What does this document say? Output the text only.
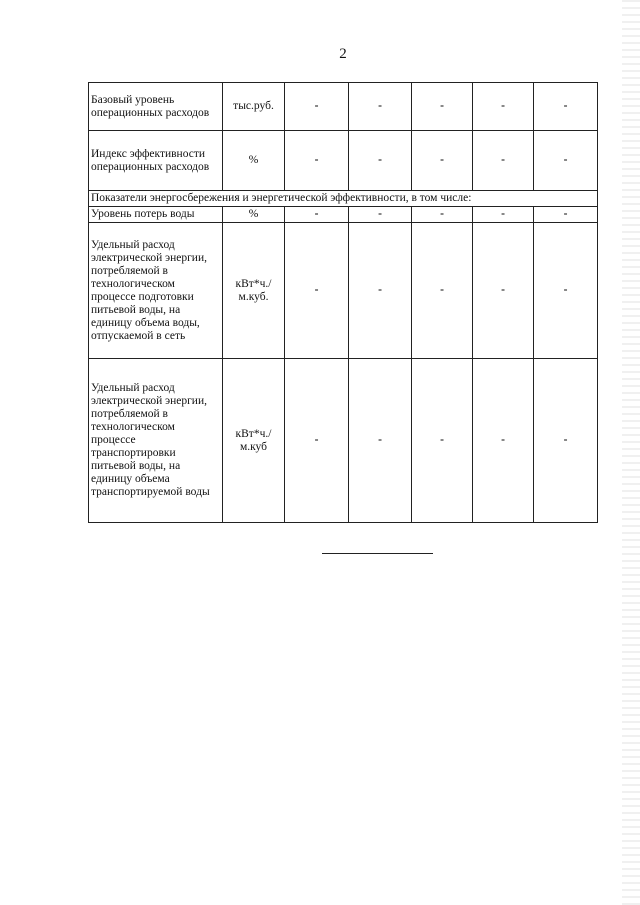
2
Базовый уровень операционных расходов	тыс.руб.	-	-	-	-	-
Индекс эффективности операционных расходов	%	-	-	-	-	-
Показатели энергосбережения и энергетической эффективности, в том числе:						
Уровень потерь воды	%	-	-	-	-	-
Удельный расход электрической энергии, потребляемой в технологическом процессе подготовки питьевой воды, на единицу объема воды, отпускаемой в сеть	кВт*ч./м.куб.	-	-	-	-	-
Удельный расход электрической энергии, потребляемой в технологическом процессе транспортировки питьевой воды, на единицу объема транспортируемой воды	кВт*ч./м.куб	-	-	-	-	-
